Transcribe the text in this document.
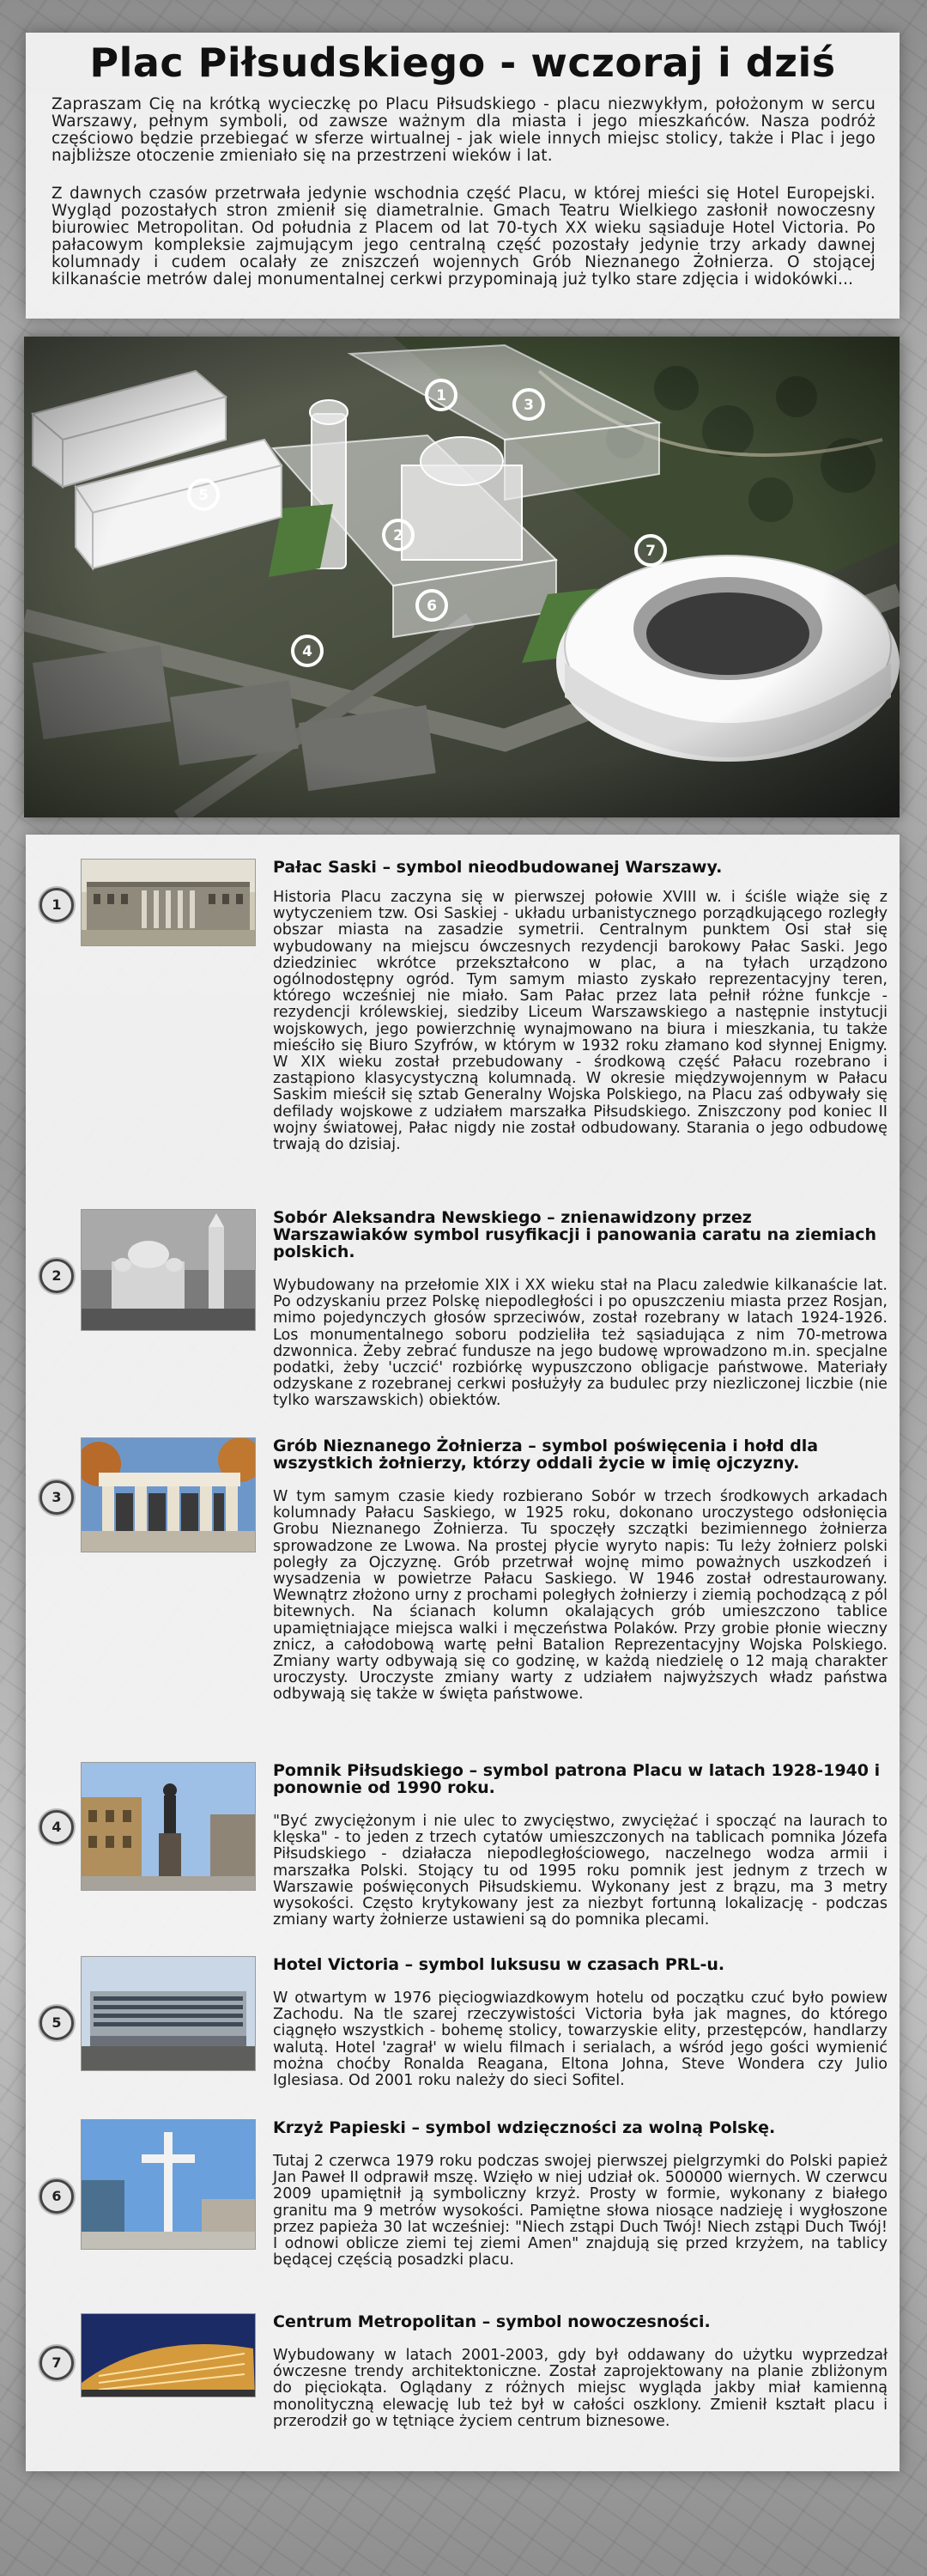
Plac Piłsudskiego - wczoraj i dziś

Zapraszam Cię na krótką wycieczkę po Placu Piłsudskiego - placu niezwykłym, położonym w sercu Warszawy, pełnym symboli, od zawsze ważnym dla miasta i jego mieszkańców. Nasza podróż częściowo będzie przebiegać w sferze wirtualnej - jak wiele innych miejsc stolicy, także i Plac i jego najbliższe otoczenie zmieniało się na przestrzeni wieków i lat.

Z dawnych czasów przetrwała jedynie wschodnia część Placu, w której mieści się Hotel Europejski. Wygląd pozostałych stron zmienił się diametralnie. Gmach Teatru Wielkiego zasłonił nowoczesny biurowiec Metropolitan. Od południa z Placem od lat 70-tych XX wieku sąsiaduje Hotel Victoria. Po pałacowym kompleksie zajmującym jego centralną część pozostały jedynie trzy arkady dawnej kolumnady i cudem ocalały ze zniszczeń wojennych Grób Nieznanego Żołnierza. O stojącej kilkanaście metrów dalej monumentalnej cerkwi przypominają już tylko stare zdjęcia i widokówki...

1
2
3
4
5
6
7
1

Pałac Saski – symbol nieodbudowanej Warszawy.

Historia Placu zaczyna się w pierwszej połowie XVIII w. i ściśle wiąże się z wytyczeniem tzw. Osi Saskiej - układu urbanistycznego porządkującego rozległy obszar miasta na zasadzie symetrii. Centralnym punktem Osi stał się wybudowany na miejscu ówczesnych rezydencji barokowy Pałac Saski. Jego dziedziniec wkrótce przekształcono w plac, a na tyłach urządzono ogólnodostępny ogród. Tym samym miasto zyskało reprezentacyjny teren, którego wcześniej nie miało. Sam Pałac przez lata pełnił różne funkcje - rezydencji królewskiej, siedziby Liceum Warszawskiego a następnie instytucji wojskowych, jego powierzchnię wynajmowano na biura i mieszkania, tu także mieściło się Biuro Szyfrów, w którym w 1932 roku złamano kod słynnej Enigmy. W XIX wieku został przebudowany - środkową część Pałacu rozebrano i zastąpiono klasycystyczną kolumnadą. W okresie międzywojennym w Pałacu Saskim mieścił się sztab Generalny Wojska Polskiego, na Placu zaś odbywały się defilady wojskowe z udziałem marszałka Piłsudskiego. Zniszczony pod koniec II wojny światowej, Pałac nigdy nie został odbudowany. Starania o jego odbudowę trwają do dzisiaj.

2

Sobór Aleksandra Newskiego – znienawidzony przez Warszawiaków symbol rusyfikacji i panowania caratu na ziemiach polskich.

Wybudowany na przełomie XIX i XX wieku stał na Placu zaledwie kilkanaście lat. Po odzyskaniu przez Polskę niepodległości i po opuszczeniu miasta przez Rosjan, mimo pojedynczych głosów sprzeciwów, został rozebrany w latach 1924-1926. Los monumentalnego soboru podzieliła też sąsiadująca z nim 70-metrowa dzwonnica. Żeby zebrać fundusze na jego budowę wprowadzono m.in. specjalne podatki, żeby 'uczcić' rozbiórkę wypuszczono obligacje państwowe. Materiały odzyskane z rozebranej cerkwi posłużyły za budulec przy niezliczonej liczbie (nie tylko warszawskich) obiektów.

3

Grób Nieznanego Żołnierza – symbol poświęcenia i hołd dla wszystkich żołnierzy, którzy oddali życie w imię ojczyzny.

W tym samym czasie kiedy rozbierano Sobór w trzech środkowych arkadach kolumnady Pałacu Saskiego, w 1925 roku, dokonano uroczystego odsłonięcia Grobu Nieznanego Żołnierza. Tu spoczęły szczątki bezimiennego żołnierza sprowadzone ze Lwowa. Na prostej płycie wyryto napis: Tu leży żołnierz polski poległy za Ojczyznę. Grób przetrwał wojnę mimo poważnych uszkodzeń i wysadzenia w powietrze Pałacu Saskiego. W 1946 został odrestaurowany. Wewnątrz złożono urny z prochami poległych żołnierzy i ziemią pochodzącą z pól bitewnych. Na ścianach kolumn okalających grób umieszczono tablice upamiętniające miejsca walki i męczeństwa Polaków. Przy grobie płonie wieczny znicz, a całodobową wartę pełni Batalion Reprezentacyjny Wojska Polskiego. Zmiany warty odbywają się co godzinę, w każdą niedzielę o 12 mają charakter uroczysty. Uroczyste zmiany warty z udziałem najwyższych władz państwa odbywają się także w święta państwowe.

4

Pomnik Piłsudskiego – symbol patrona Placu w latach 1928-1940 i ponownie od 1990 roku.

"Być zwyciężonym i nie ulec to zwycięstwo, zwyciężać i spocząć na laurach to klęska" - to jeden z trzech cytatów umieszczonych na tablicach pomnika Józefa Piłsudskiego - działacza niepodległościowego, naczelnego wodza armii i marszałka Polski. Stojący tu od 1995 roku pomnik jest jednym z trzech w Warszawie poświęconych Piłsudskiemu. Wykonany jest z brązu, ma 3 metry wysokości. Często krytykowany jest za niezbyt fortunną lokalizację - podczas zmiany warty żołnierze ustawieni są do pomnika plecami.

5

Hotel Victoria – symbol luksusu w czasach PRL-u.

W otwartym w 1976 pięciogwiazdkowym hotelu od początku czuć było powiew Zachodu. Na tle szarej rzeczywistości Victoria była jak magnes, do którego ciągnęło wszystkich - bohemę stolicy, towarzyskie elity, przestępców, handlarzy walutą. Hotel 'zagrał' w wielu filmach i serialach, a wśród jego gości wymienić można choćby Ronalda Reagana, Eltona Johna, Steve Wondera czy Julio Iglesiasa. Od 2001 roku należy do sieci Sofitel.

6

Krzyż Papieski – symbol wdzięczności za wolną Polskę.

Tutaj 2 czerwca 1979 roku podczas swojej pierwszej pielgrzymki do Polski papież Jan Paweł II odprawił mszę. Wzięło w niej udział ok. 500000 wiernych. W czerwcu 2009 upamiętnił ją symboliczny krzyż. Prosty w formie, wykonany z białego granitu ma 9 metrów wysokości. Pamiętne słowa niosące nadzieję i wygłoszone przez papieża 30 lat wcześniej: "Niech zstąpi Duch Twój! Niech zstąpi Duch Twój! I odnowi oblicze ziemi tej ziemi Amen" znajdują się przed krzyżem, na tablicy będącej częścią posadzki placu.

7

Centrum Metropolitan – symbol nowoczesności.

Wybudowany w latach 2001-2003, gdy był oddawany do użytku wyprzedzał ówczesne trendy architektoniczne. Został zaprojektowany na planie zbliżonym do pięciokąta. Oglądany z różnych miejsc wygląda jakby miał kamienną monolityczną elewację lub też był w całości oszklony. Zmienił kształt placu i przerodził go w tętniące życiem centrum biznesowe.
